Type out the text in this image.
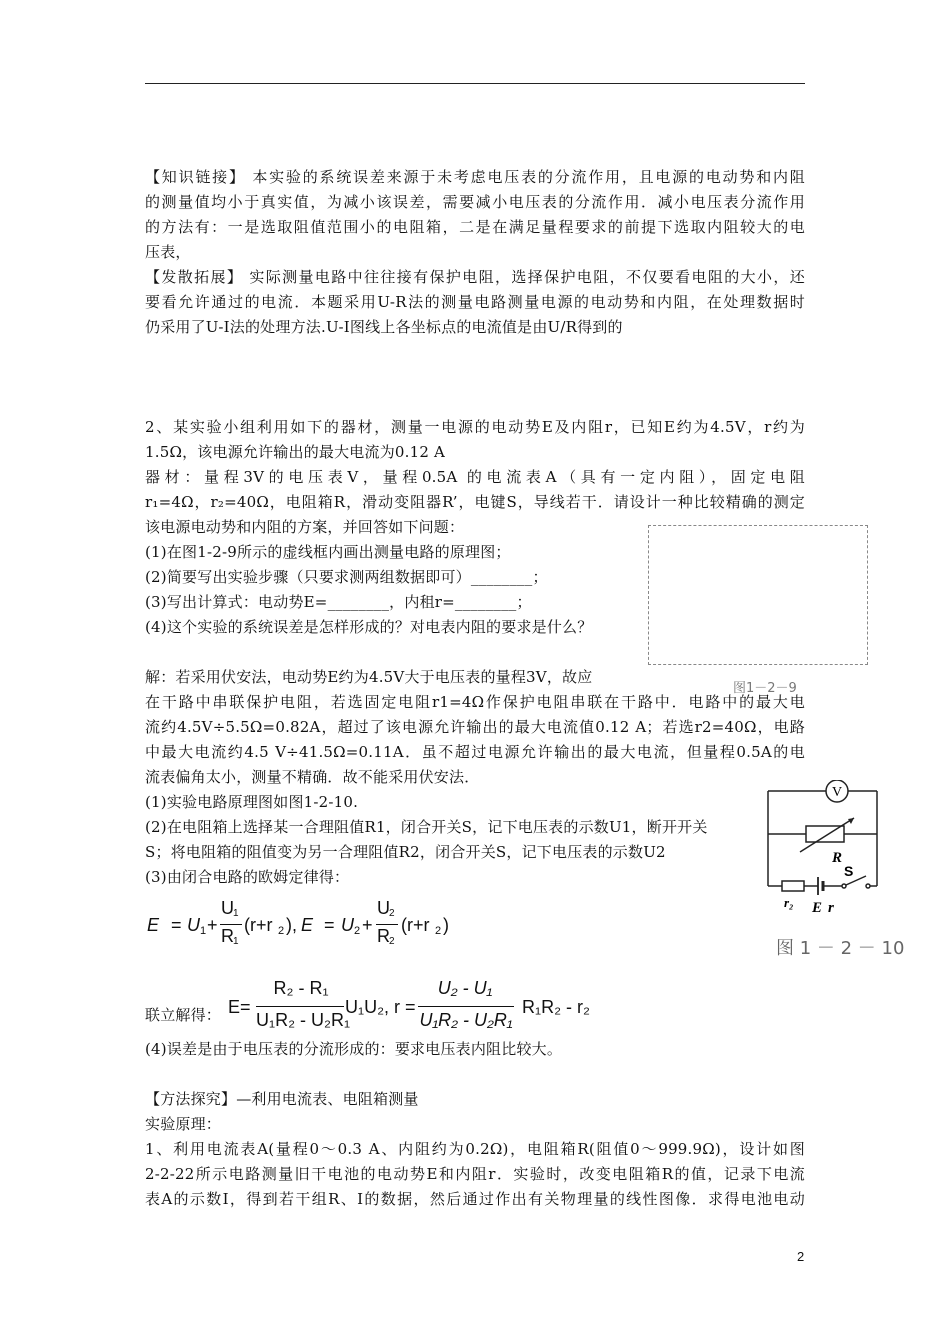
【知识链接】 本实验的系统误差来源于未考虑电压表的分流作用，且电源的电动势和内阻
的测量值均小于真实值，为减小该误差，需要减小电压表的分流作用．减小电压表分流作用
的方法有：一是选取阻值范围小的电阻箱，二是在满足量程要求的前提下选取内阻较大的电
压表，
【发散拓展】 实际测量电路中往往接有保护电阻，选择保护电阻，不仅要看电阻的大小，还
要看允许通过的电流．本题采用U-R法的测量电路测量电源的电动势和内阻，在处理数据时
仍采用了U-I法的处理方法.U-I图线上各坐标点的电流值是由U/R得到的
2、某实验小组利用如下的器材，测量一电源的电动势E及内阻r，已知E约为4.5V，r约为
1.5Ω，该电源允许输出的最大电流为0.12 A
器材：量程3V的电压表V，量程0.5A 的电流表A（具有一定内阻），固定电阻
r₁=4Ω，r₂=40Ω，电阻箱R，滑动变阻器R’，电键S，导线若干．请设计一种比较精确的测定
该电源电动势和内阻的方案，并回答如下问题：
(1)在图1-2-9所示的虚线框内画出测量电路的原理图；
(2)简要写出实验步骤（只要求测两组数据即可）________；
(3)写出计算式：电动势E=________，内租r=________；
(4)这个实验的系统误差是怎样形成的？对电表内阻的要求是什么？
解：若采用伏安法，电动势E约为4.5V大于电压表的量程3V，故应
在干路中串联保护电阻，若选固定电阻r1=4Ω作保护电阻串联在干路中．电路中的最大电
流约4.5V÷5.5Ω=0.82A，超过了该电源允许输出的最大电流值0.12 A；若选r2=40Ω，电路
中最大电流约4.5 V÷41.5Ω=0.11A．虽不超过电源允许输出的最大电流，但量程0.5A的电
流表偏角太小，测量不精确．故不能采用伏安法．
(1)实验电路原理图如图1-2-10.
(2)在电阻箱上选择某一合理阻值R1，闭合开关S，记下电压表的示数U1，断开开关
S；将电阻箱的阻值变为另一合理阻值R2，闭合开关S，记下电压表的示数U2
(3)由闭合电路的欧姆定律得：
联立解得：
(4)误差是由于电压表的分流形成的：要求电压表内阻比较大。
【方法探究】—利用电流表、电阻箱测量
实验原理：
1、利用电流表A(量程0～0.3 A、内阻约为0.2Ω)，电阻箱R(阻值0～999.9Ω)，设计如图
2-2-22所示电路测量旧干电池的电动势E和内阻r．实验时，改变电阻箱R的值，记录下电流
表A的示数I，得到若干组R、I的数据，然后通过作出有关物理量的线性图像．求得电池电动
图1－2－9
V
R
S
r₂ E r
图 1 － 2 － 10
E = U 1 +
U 1
R 1
(r+r 2 ), E = U 2 +
U 2
R 2
(r+r 2 )
E=
R₂ - R₁
U₁R₂ - U₂R₁
U₁U₂, r =
U₂ - U₁
U₁R₂ - U₂R₁
R₁R₂ - r₂
2
